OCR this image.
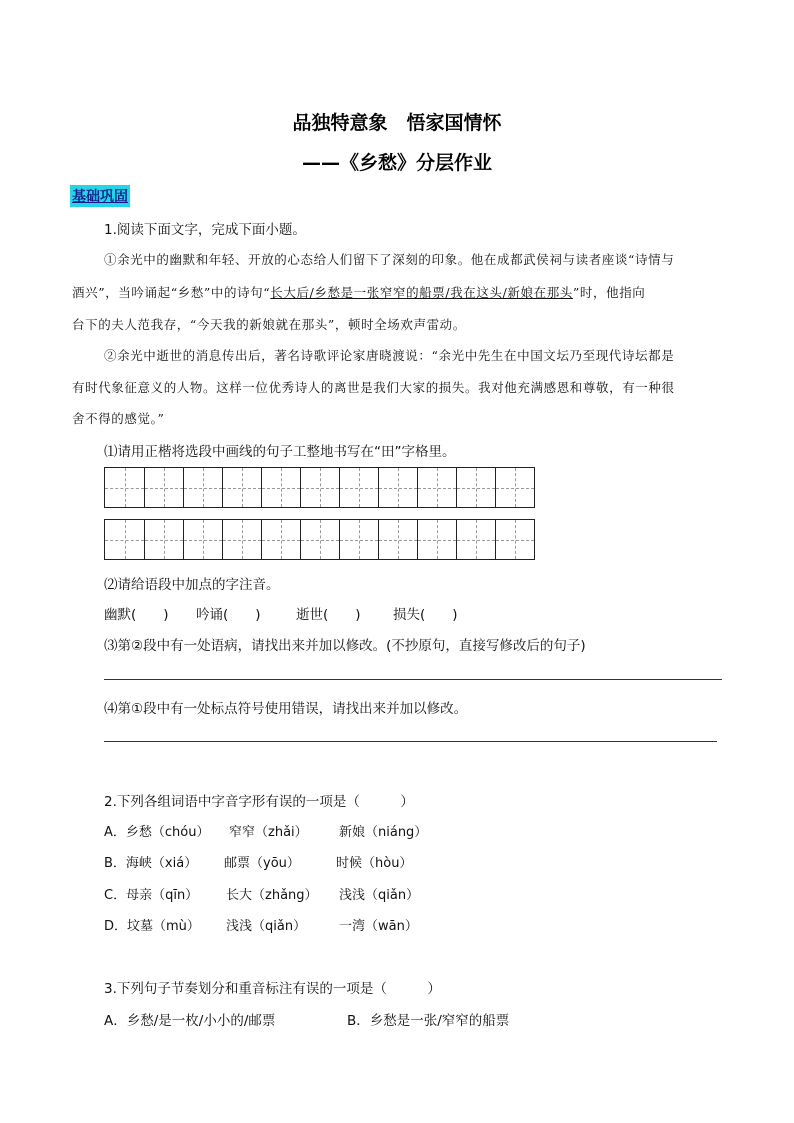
品独特意象　悟家国情怀
——《乡愁》分层作业
基础巩固
1.阅读下面文字，完成下面小题。
①余光中的幽默和年轻、开放的心态给人们留下了深刻的印象。他在成都武侯祠与读者座谈“诗情与
酒兴”，当吟诵起“乡愁”中的诗句“长大后/乡愁是一张窄窄的船票/我在这头/新娘在那头”时，他指向
台下的夫人范我存，“今天我的新娘就在那头”，顿时全场欢声雷动。
②余光中逝世的消息传出后，著名诗歌评论家唐晓渡说：“余光中先生在中国文坛乃至现代诗坛都是
有时代象征意义的人物。这样一位优秀诗人的离世是我们大家的损失。我对他充满感恩和尊敬，有一种很
舍不得的感觉。”
⑴请用正楷将选段中画线的句子工整地书写在“田”字格里。
⑵请给语段中加点的字注音。
幽默(　　) 吟诵(　　)	逝世(　　) 损失(　　)
⑶第②段中有一处语病，请找出来并加以修改。(不抄原句，直接写修改后的句子)
⑷第①段中有一处标点符号使用错误，请找出来并加以修改。
2.下列各组词语中字音字形有误的一项是（　　　）
A．乡愁（chóu） 窄窄（zhǎi） 新娘（niáng）
B．海峡（xiá） 邮票（yōu）	时候（hòu）
C．母亲（qīn） 长大（zhǎng） 浅浅（qiǎn）
D．坟墓（mù） 浅浅（qiǎn）	一湾（wān）
3.下列句子节奏划分和重音标注有误的一项是（　　　）
A．乡愁/是一枚/小小的/邮票	B．乡愁是一张/窄窄的船票
